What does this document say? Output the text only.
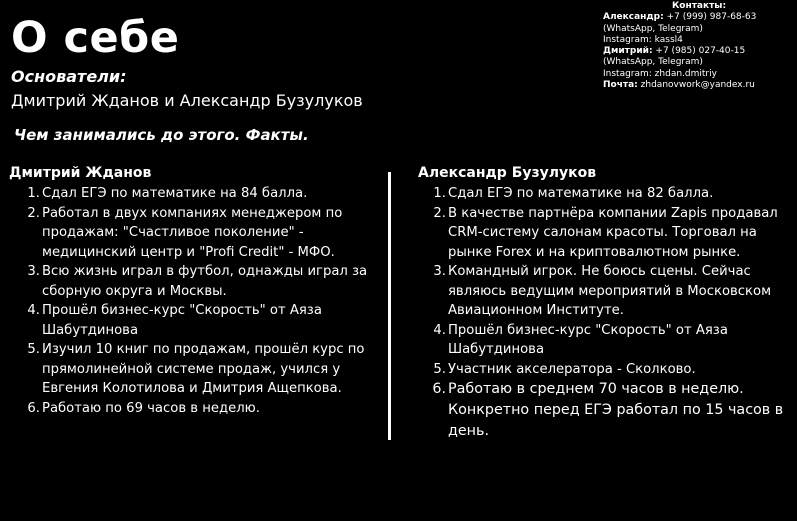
О себе
Основатели:
Дмитрий Жданов и Александр Бузулуков
Чем занимались до этого. Факты.
Контакты:
Александр: +7 (999) 987-68-63 (WhatsApp, Telegram)
Instagram: kassl4
Дмитрий: +7 (985) 027-40-15 (WhatsApp, Telegram)
Instagram: zhdan.dmitriy
Почта: zhdanovwork@yandex.ru
Дмитрий Жданов
1. Сдал ЕГЭ по математике на 84 балла.
2. Работал в двух компаниях менеджером по продажам: "Счастливое поколение" - медицинский центр и "Profi Credit" - МФО.
3. Всю жизнь играл в футбол, однажды играл за сборную округа и Москвы.
4. Прошёл бизнес-курс "Скорость" от Аяза Шабутдинова
5. Изучил 10 книг по продажам, прошёл курс по прямолинейной системе продаж, учился у Евгения Колотилова и Дмитрия Ащепкова.
6. Работаю по 69 часов в неделю.
Александр Бузулуков
1. Сдал ЕГЭ по математике на 82 балла.
2. В качестве партнёра компании Zapis продавал CRM-систему салонам красоты. Торговал на рынке Forex и на криптовалютном рынке.
3. Командный игрок. Не боюсь сцены. Сейчас являюсь ведущим мероприятий в Московском Авиационном Институте.
4. Прошёл бизнес-курс "Скорость" от Аяза Шабутдинова
5. Участник акселератора - Сколково.
6. Работаю в среднем 70 часов в неделю. Конкретно перед ЕГЭ работал по 15 часов в день.
